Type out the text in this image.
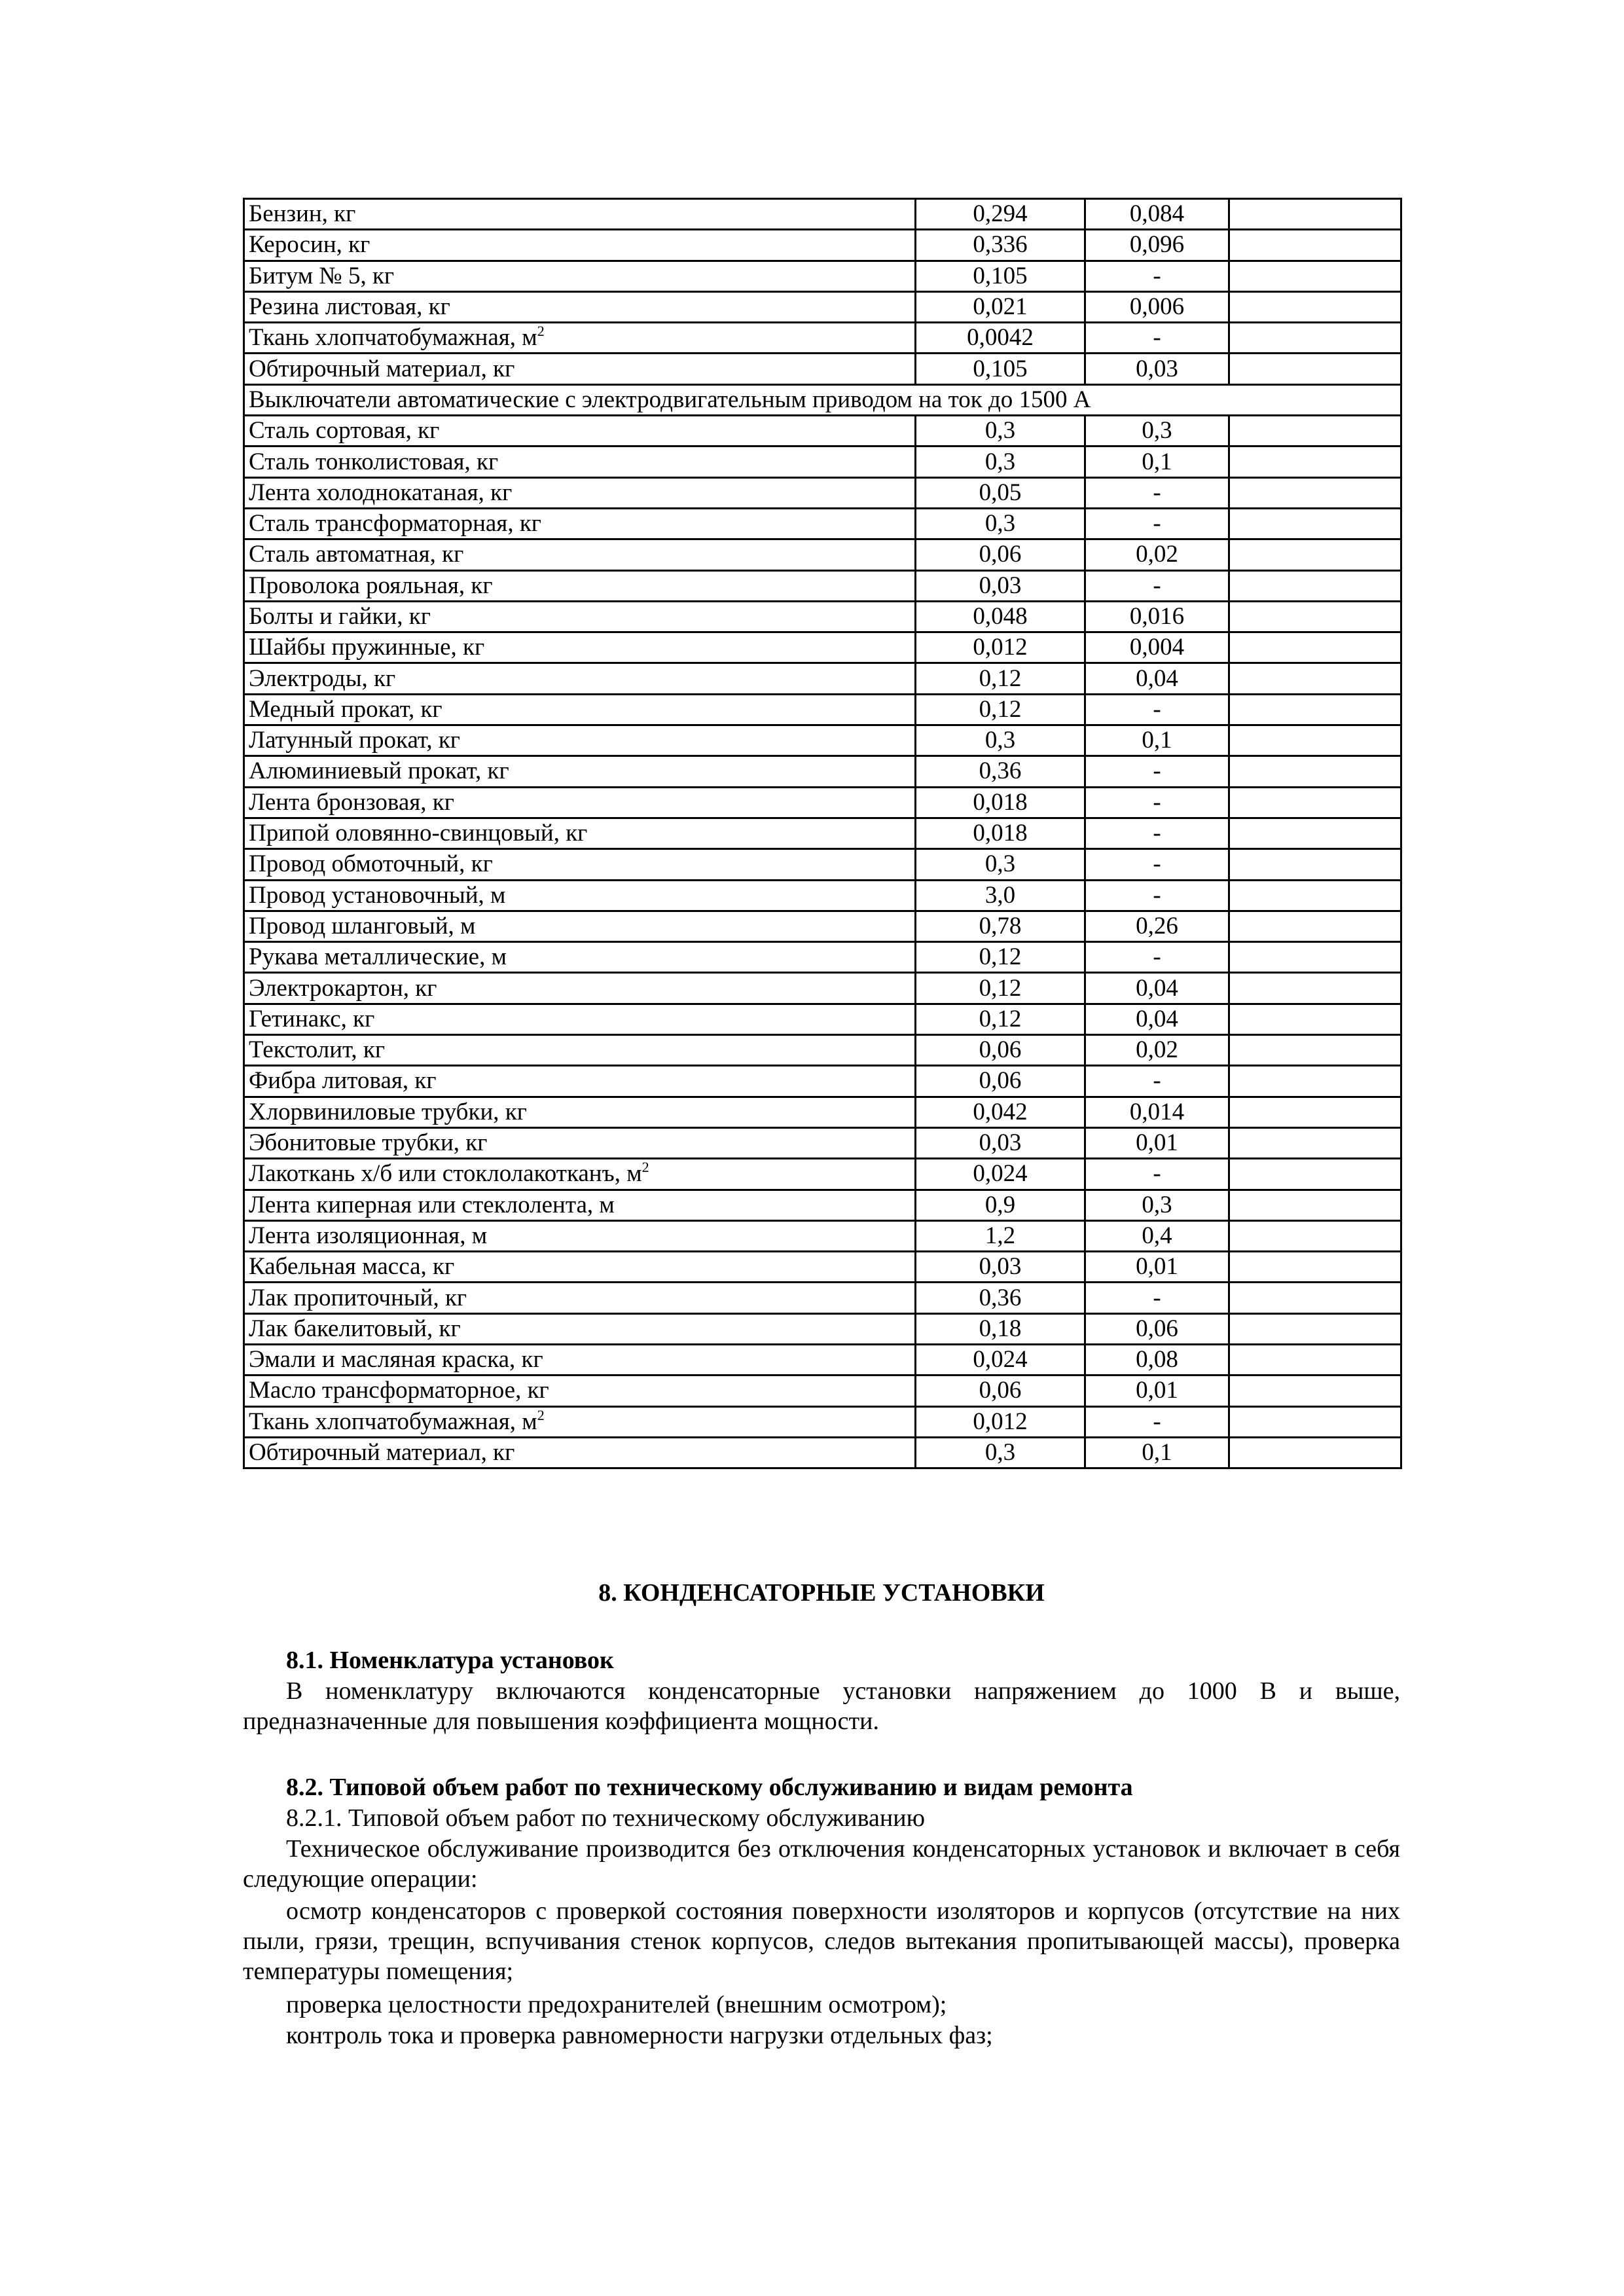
Бензин, кг	0,294	0,084	
Керосин, кг	0,336	0,096	
Битум № 5, кг	0,105	-	
Резина листовая, кг	0,021	0,006	
Ткань хлопчатобумажная, $м^2$	0,0042	-	
Обтирочный материал, кг	0,105	0,03	
Выключатели автоматические с электродвигательным приводом на ток до 1500 А			
Сталь сортовая, кг	0,3	0,3	
Сталь тонколистовая, кг	0,3	0,1	
Лента холоднокатаная, кг	0,05	-	
Сталь трансформаторная, кг	0,3	-	
Сталь автоматная, кг	0,06	0,02	
Проволока рояльная, кг	0,03	-	
Болты и гайки, кг	0,048	0,016	
Шайбы пружинные, кг	0,012	0,004	
Электроды, кг	0,12	0,04	
Медный прокат, кг	0,12	-	
Латунный прокат, кг	0,3	0,1	
Алюминиевый прокат, кг	0,36	-	
Лента бронзовая, кг	0,018	-	
Припой оловянно-свинцовый, кг	0,018	-	
Провод обмоточный, кг	0,3	-	
Провод установочный, м	3,0	-	
Провод шланговый, м	0,78	0,26	
Рукава металлические, м	0,12	-	
Электрокартон, кг	0,12	0,04	
Гетинакс, кг	0,12	0,04	
Текстолит, кг	0,06	0,02	
Фибра литовая, кг	0,06	-	
Хлорвиниловые трубки, кг	0,042	0,014	
Эбонитовые трубки, кг	0,03	0,01	
Лакоткань х/б или стоклолакотканъ, $м^2$	0,024	-	
Лента киперная или стеклолента, м	0,9	0,3	
Лента изоляционная, м	1,2	0,4	
Кабельная масса, кг	0,03	0,01	
Лак пропиточный, кг	0,36	-	
Лак бакелитовый, кг	0,18	0,06	
Эмали и масляная краска, кг	0,024	0,08	
Масло трансформаторное, кг	0,06	0,01	
Ткань хлопчатобумажная, $м^2$	0,012	-	
Обтирочный материал, кг	0,3	0,1	
8. КОНДЕНСАТОРНЫЕ УСТАНОВКИ
8.1. Номенклатура установок
В номенклатуру включаются конденсаторные установки напряжением до 1000 В и выше, предназначенные для повышения коэффициента мощности.
8.2. Типовой объем работ по техническому обслуживанию и видам ремонта
8.2.1. Типовой объем работ по техническому обслуживанию
Техническое обслуживание производится без отключения конденсаторных установок и включает в себя следующие операции:
осмотр конденсаторов с проверкой состояния поверхности изоляторов и корпусов (отсутствие на них пыли, грязи, трещин, вспучивания стенок корпусов, следов вытекания пропитывающей массы), проверка температуры помещения;
проверка целостности предохранителей (внешним осмотром);
контроль тока и проверка равномерности нагрузки отдельных фаз;
